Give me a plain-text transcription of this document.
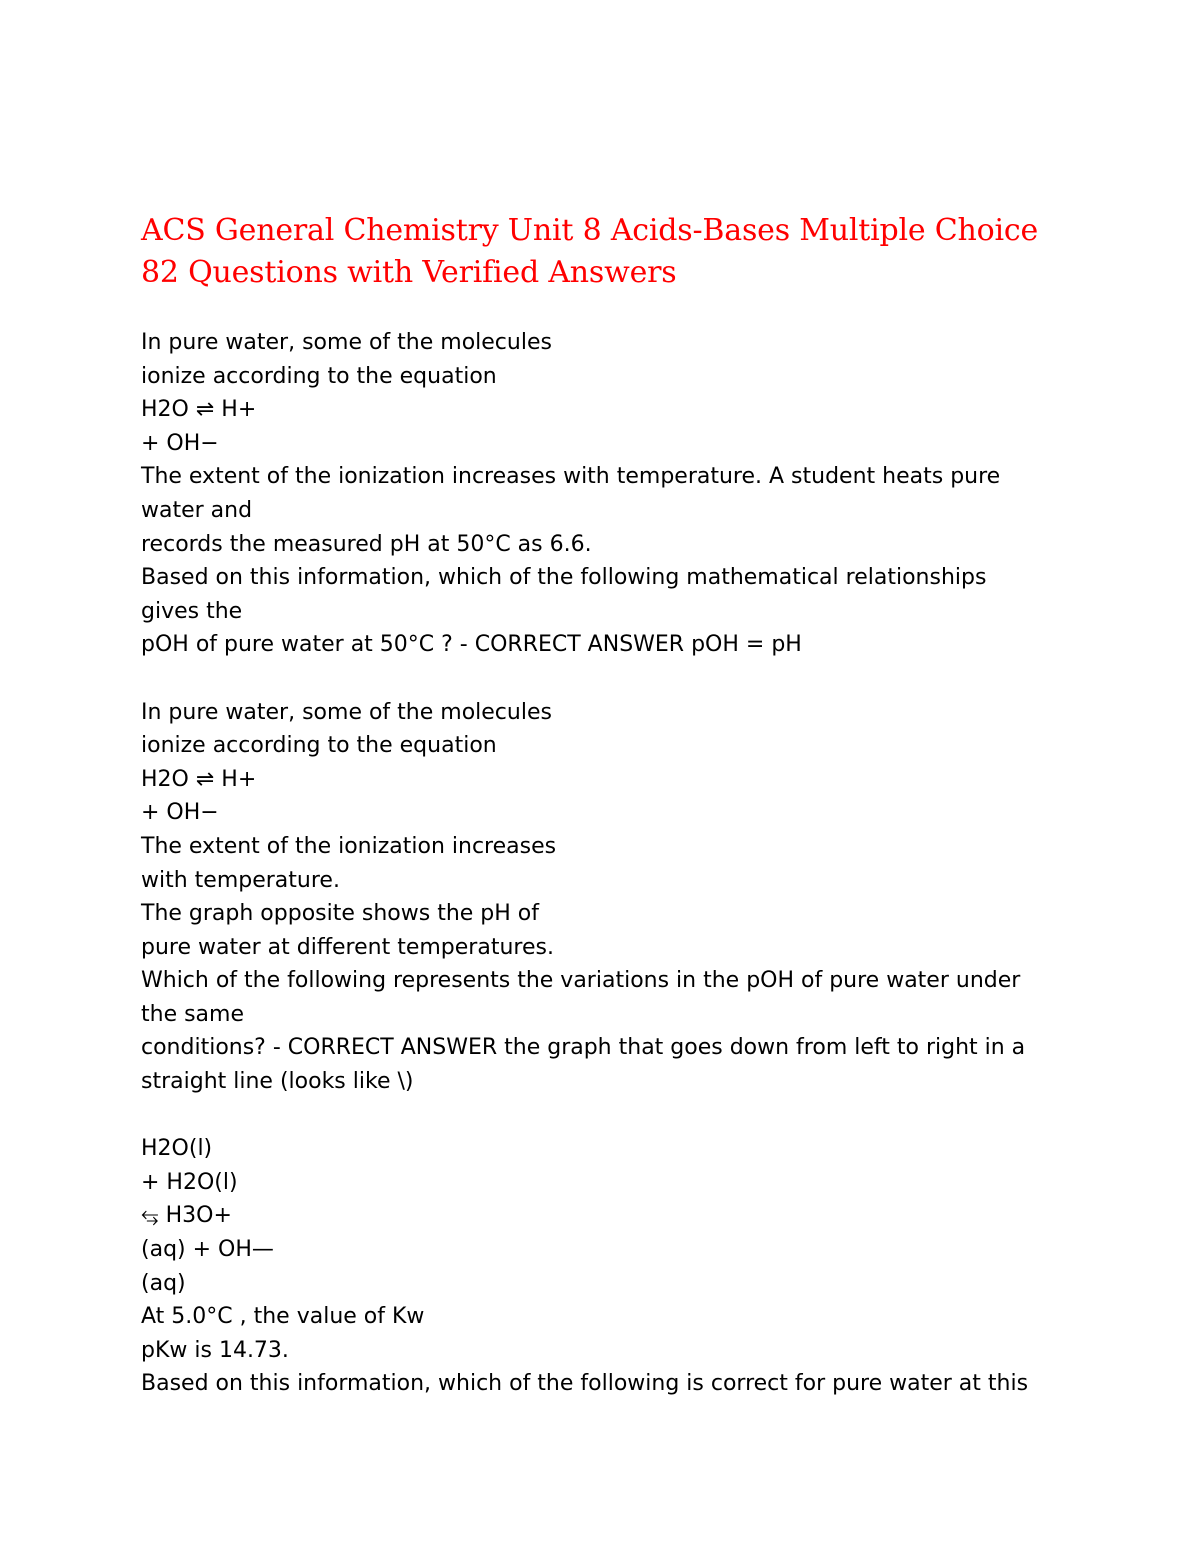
ACS General Chemistry Unit 8 Acids-Bases Multiple Choice
82 Questions with Verified Answers
In pure water, some of the molecules
ionize according to the equation
H2O ⇌ H+
+ OH−
The extent of the ionization increases with temperature. A student heats pure
water and
records the measured pH at 50°C as 6.6.
Based on this information, which of the following mathematical relationships
gives the
pOH of pure water at 50°C ? - CORRECT ANSWER pOH = pH
In pure water, some of the molecules
ionize according to the equation
H2O ⇌ H+
+ OH−
The extent of the ionization increases
with temperature.
The graph opposite shows the pH of
pure water at different temperatures.
Which of the following represents the variations in the pOH of pure water under
the same
conditions? - CORRECT ANSWER the graph that goes down from left to right in a
straight line (looks like \)
H2O(l)
+ H2O(l)
⥃ H3O+
(aq) + OH—
(aq)
At 5.0°C , the value of Kw
pKw is 14.73.
Based on this information, which of the following is correct for pure water at this
